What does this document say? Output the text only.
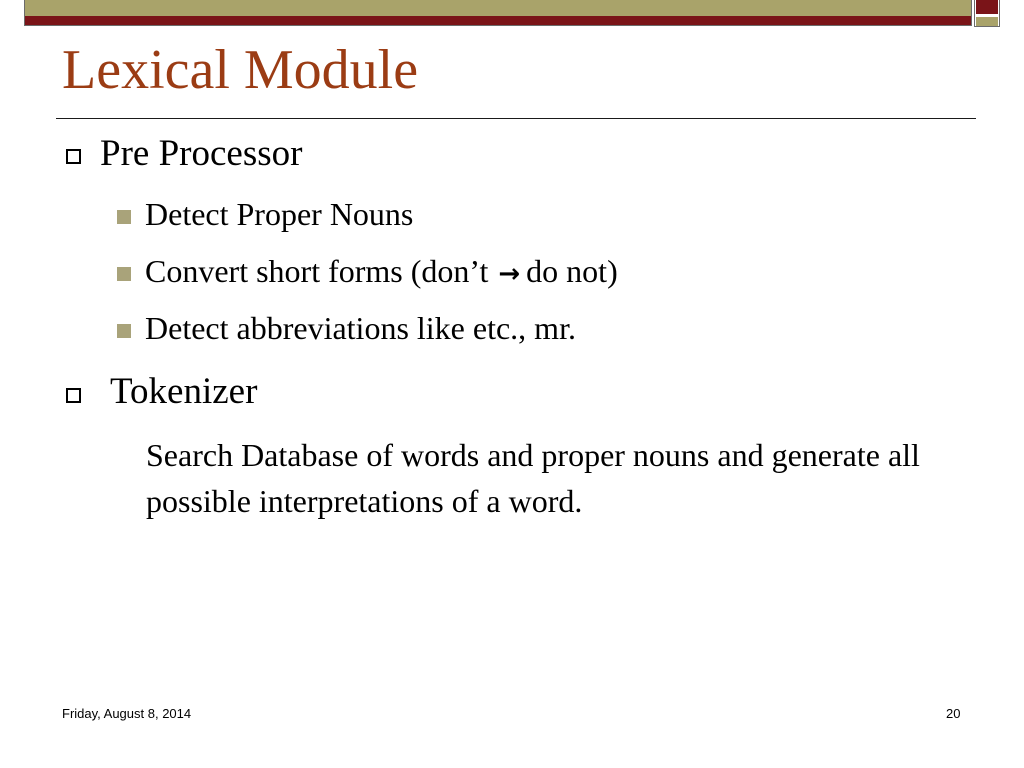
Lexical Module
Pre Processor
Detect Proper Nouns
Convert short forms (don’t → do not)
Detect abbreviations like etc., mr.
Tokenizer
Search Database of words and proper nouns and generate all possible interpretations of a word.
Friday, August 8, 2014	20
